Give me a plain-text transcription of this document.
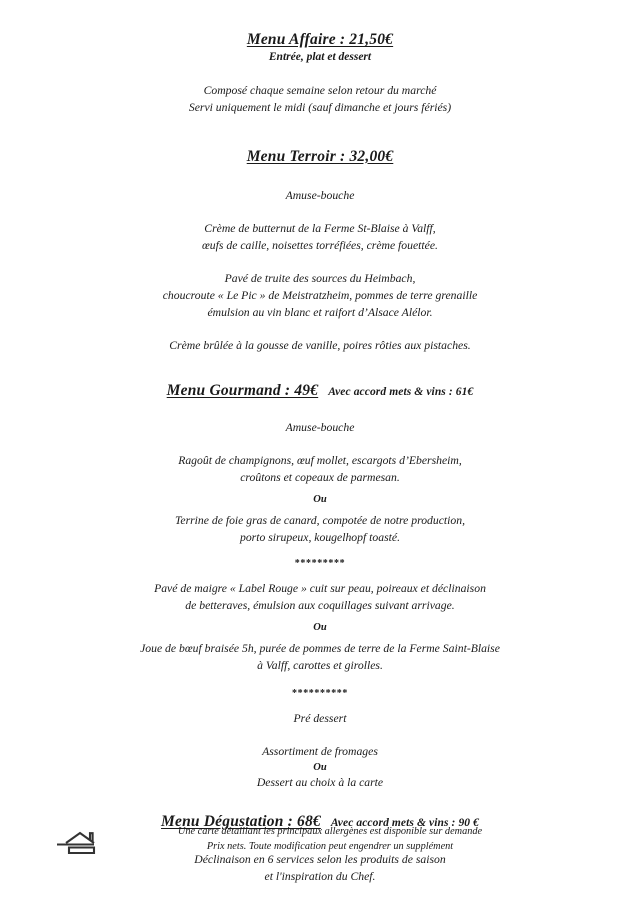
Menu Affaire : 21,50€

Entrée, plat et dessert

Composé chaque semaine selon retour du marché

Servi uniquement le midi (sauf dimanche et jours fériés)

Menu Terroir : 32,00€

Amuse-bouche

Crème de butternut de la Ferme St-Blaise à Valff,

œufs de caille, noisettes torréfiées, crème fouettée.

Pavé de truite des sources du Heimbach,

choucroute « Le Pic » de Meistratzheim, pommes de terre grenaille

émulsion au vin blanc et raifort d’Alsace Alélor.

Crème brûlée à la gousse de vanille, poires rôties aux pistaches.

Menu Gourmand : 49€ Avec accord mets & vins : 61€

Amuse-bouche

Ragoût de champignons, œuf mollet, escargots d’Ebersheim,

croûtons et copeaux de parmesan.

Ou

Terrine de foie gras de canard, compotée de notre production,

porto sirupeux, kougelhopf toasté.

*********

Pavé de maigre « Label Rouge » cuit sur peau, poireaux et déclinaison

de betteraves, émulsion aux coquillages suivant arrivage.

Ou

Joue de bœuf braisée 5h, purée de pommes de terre de la Ferme Saint-Blaise

à Valff, carottes et girolles.

**********

Pré dessert

Assortiment de fromages

Ou

Dessert au choix à la carte

Menu Dégustation : 68€ Avec accord mets & vins : 90 €

Déclinaison en 6 services selon les produits de saison

et l'inspiration du Chef.

Une carte détaillant les principaux allergènes est disponible sur demande

Prix nets. Toute modification peut engendrer un supplément
